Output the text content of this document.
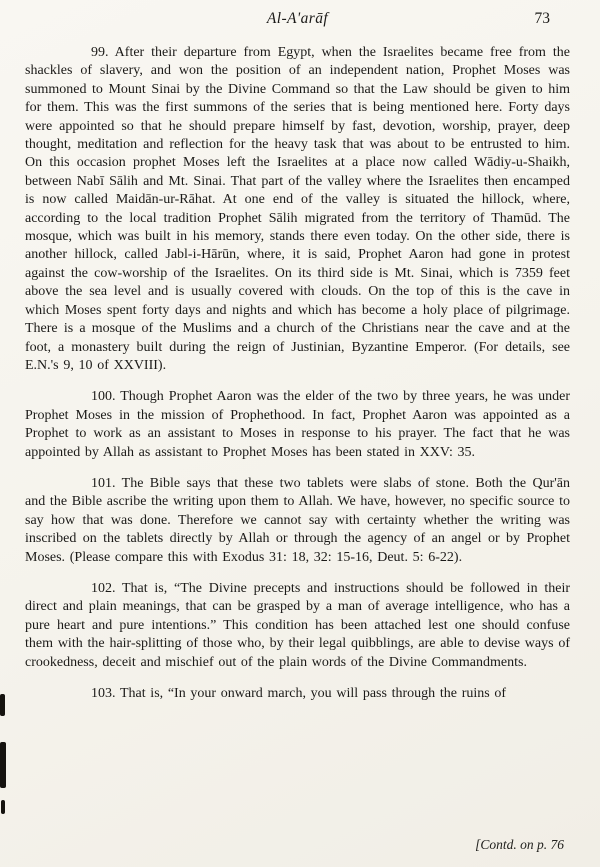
Al-A'arāf	73

99. After their departure from Egypt, when the Israelites became free from the shackles of slavery, and won the position of an independent nation, Prophet Moses was summoned to Mount Sinai by the Divine Command so that the Law should be given to him for them. This was the first summons of the series that is being mentioned here. Forty days were appointed so that he should prepare himself by fast, devotion, worship, prayer, deep thought, meditation and reflection for the heavy task that was about to be entrusted to him. On this occasion prophet Moses left the Israelites at a place now called Wādiy-u-Shaikh, between Nabī Sālih and Mt. Sinai. That part of the valley where the Israelites then encamped is now called Maidān-ur-Rāhat. At one end of the valley is situated the hillock, where, according to the local tradition Prophet Sālih migrated from the territory of Thamūd. The mosque, which was built in his memory, stands there even today. On the other side, there is another hillock, called Jabl-i-Hārūn, where, it is said, Prophet Aaron had gone in protest against the cow-worship of the Israelites. On its third side is Mt. Sinai, which is 7359 feet above the sea level and is usually covered with clouds. On the top of this is the cave in which Moses spent forty days and nights and which has become a holy place of pilgrimage. There is a mosque of the Muslims and a church of the Christians near the cave and at the foot, a monastery built during the reign of Justinian, Byzantine Emperor. (For details, see E.N.'s 9, 10 of XXVIII).

100. Though Prophet Aaron was the elder of the two by three years, he was under Prophet Moses in the mission of Prophethood. In fact, Prophet Aaron was appointed as a Prophet to work as an assistant to Moses in response to his prayer. The fact that he was appointed by Allah as assistant to Prophet Moses has been stated in XXV: 35.

101. The Bible says that these two tablets were slabs of stone. Both the Qur'ān and the Bible ascribe the writing upon them to Allah. We have, however, no specific source to say how that was done. Therefore we cannot say with certainty whether the writing was inscribed on the tablets directly by Allah or through the agency of an angel or by Prophet Moses. (Please compare this with Exodus 31: 18, 32: 15-16, Deut. 5: 6-22).

102. That is, “The Divine precepts and instructions should be followed in their direct and plain meanings, that can be grasped by a man of average intelligence, who has a pure heart and pure intentions.” This condition has been attached lest one should confuse them with the hair-splitting of those who, by their legal quibblings, are able to devise ways of crookedness, deceit and mischief out of the plain words of the Divine Commandments.

103. That is, “In your onward march, you will pass through the ruins of

[Contd. on p. 76
